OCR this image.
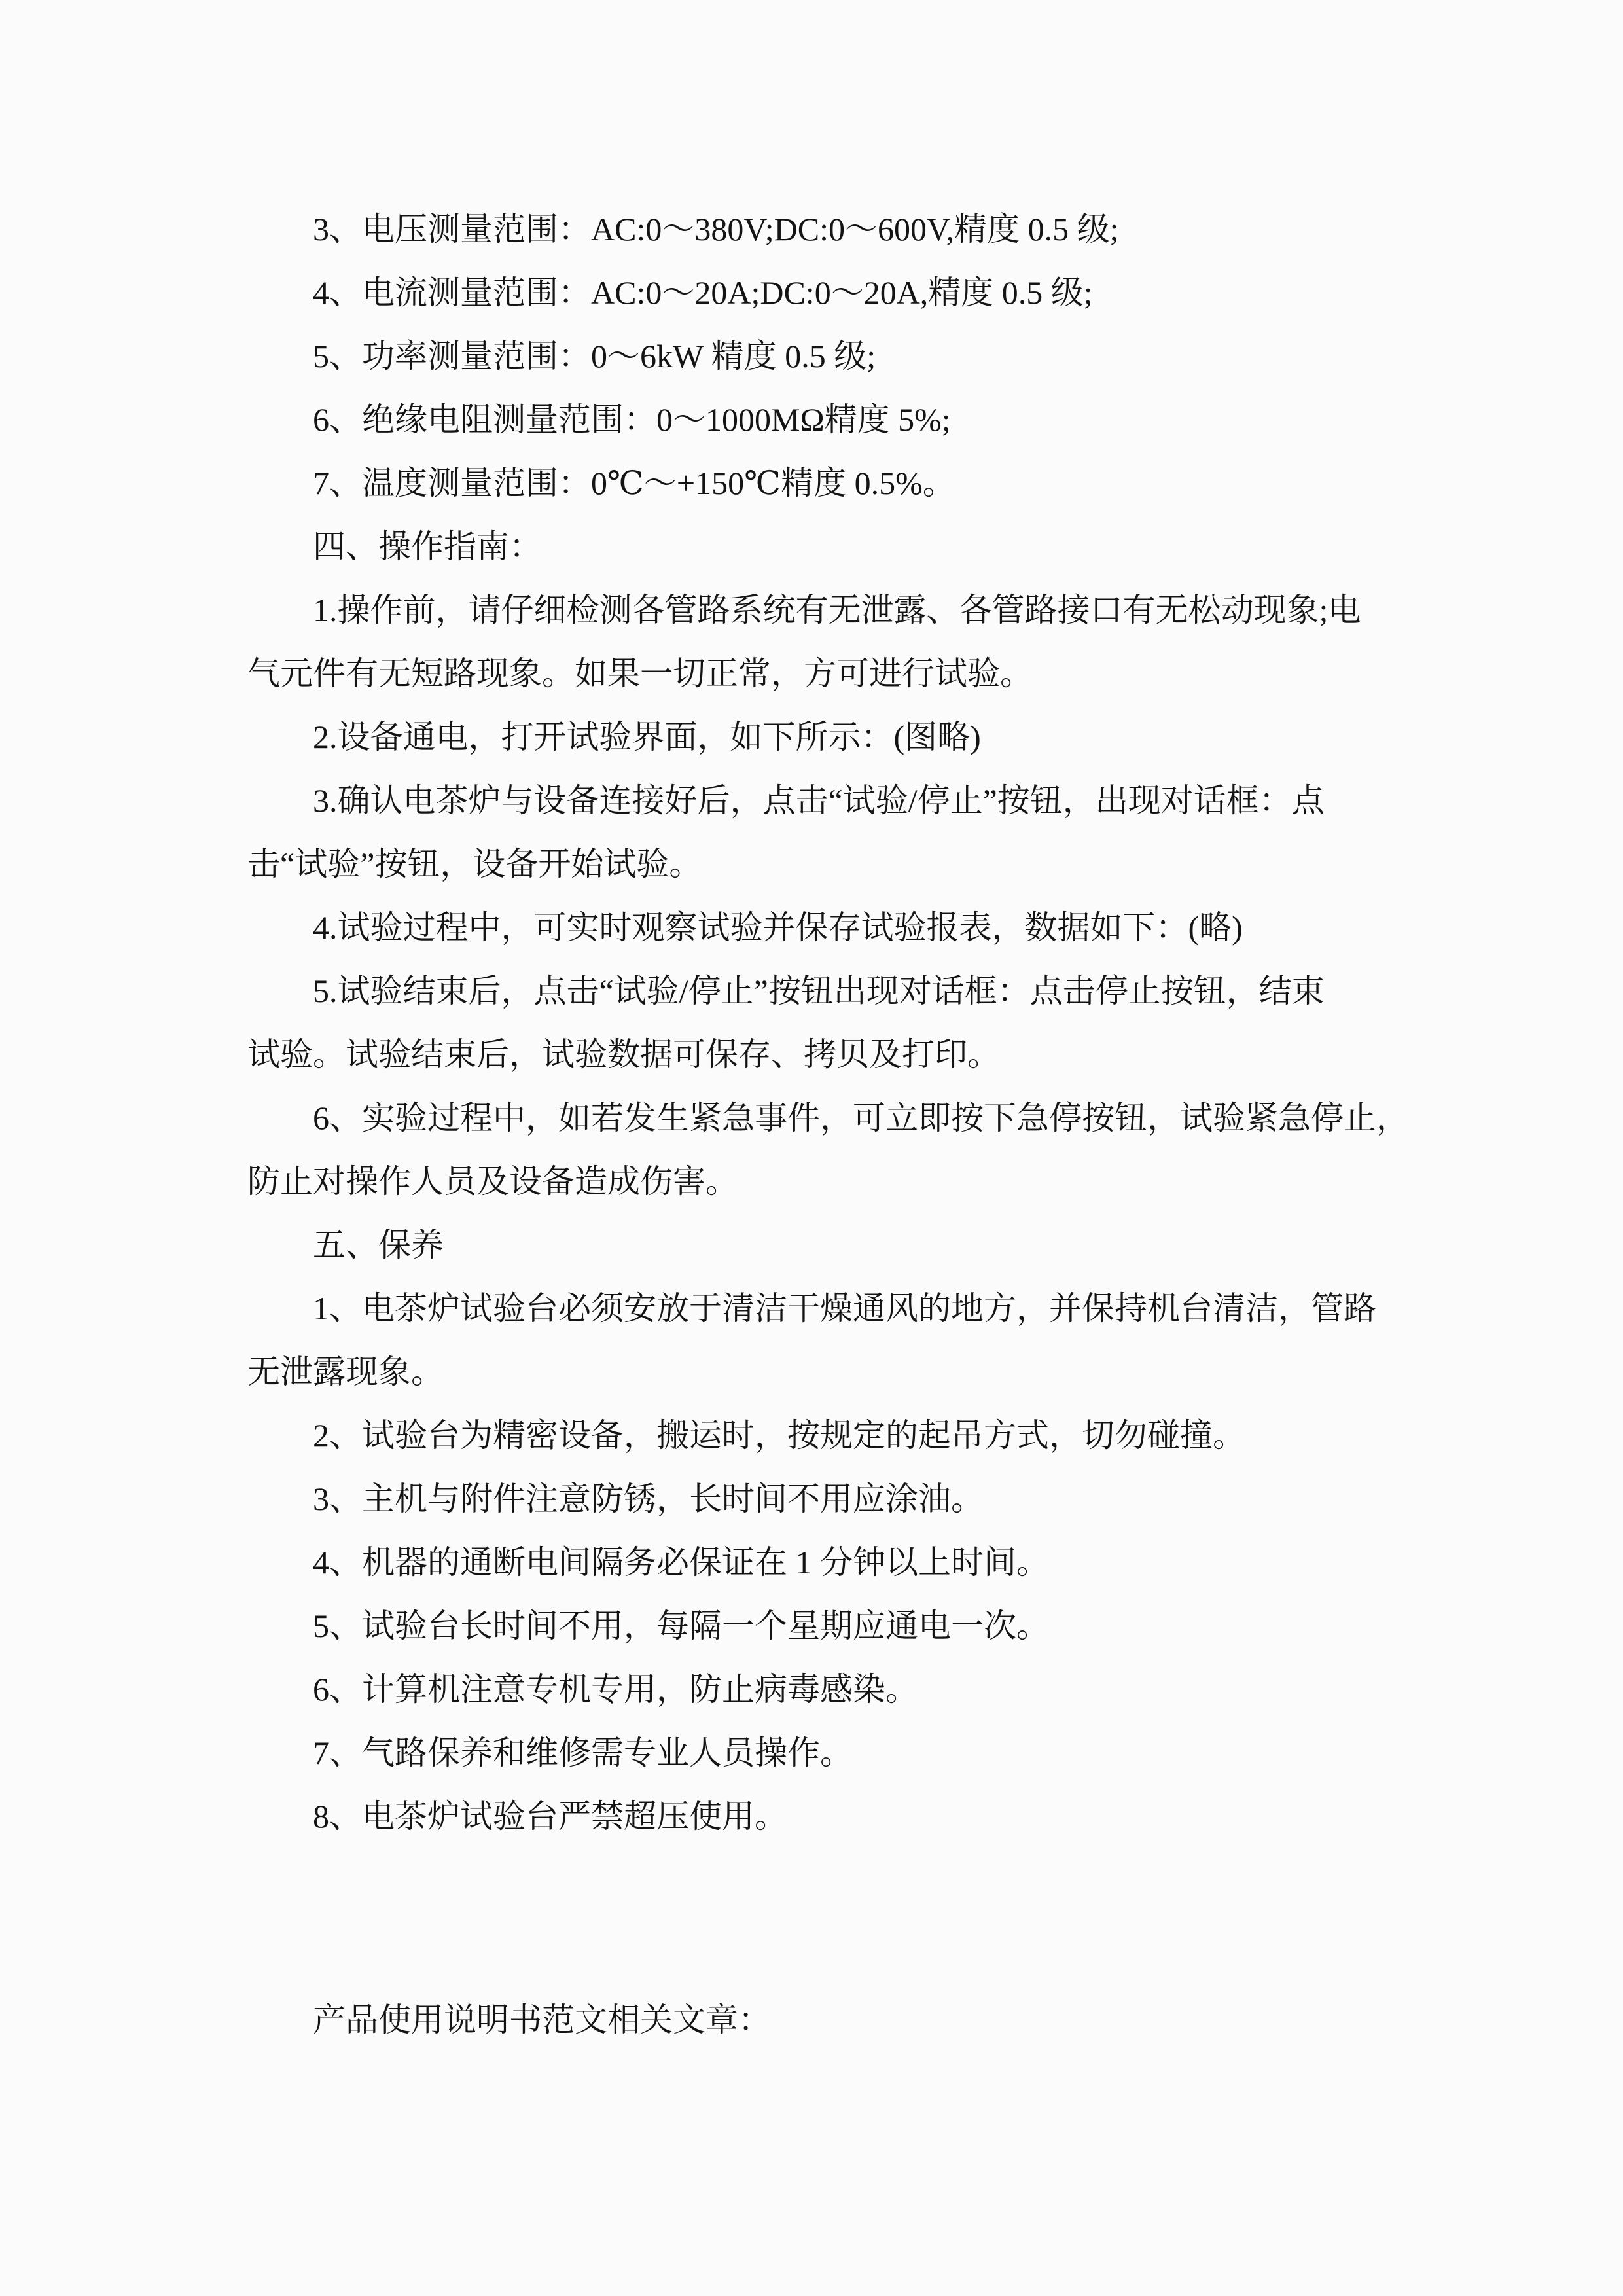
3、电压测量范围：AC:0～380V;DC:0～600V,精度 0.5 级;
4、电流测量范围：AC:0～20A;DC:0～20A,精度 0.5 级;
5、功率测量范围：0～6kW 精度 0.5 级;
6、绝缘电阻测量范围：0～1000MΩ精度 5%;
7、温度测量范围：0℃～+150℃精度 0.5%。
四、操作指南：
1.操作前，请仔细检测各管路系统有无泄露、各管路接口有无松动现象;电
气元件有无短路现象。如果一切正常，方可进行试验。
2.设备通电，打开试验界面，如下所示：(图略)
3.确认电茶炉与设备连接好后，点击“试验/停止”按钮，出现对话框：点
击“试验”按钮，设备开始试验。
4.试验过程中，可实时观察试验并保存试验报表，数据如下：(略)
5.试验结束后，点击“试验/停止”按钮出现对话框：点击停止按钮，结束
试验。试验结束后，试验数据可保存、拷贝及打印。
6、实验过程中，如若发生紧急事件，可立即按下急停按钮，试验紧急停止，
防止对操作人员及设备造成伤害。
五、保养
1、电茶炉试验台必须安放于清洁干燥通风的地方，并保持机台清洁，管路
无泄露现象。
2、试验台为精密设备，搬运时，按规定的起吊方式，切勿碰撞。
3、主机与附件注意防锈，长时间不用应涂油。
4、机器的通断电间隔务必保证在 1 分钟以上时间。
5、试验台长时间不用，每隔一个星期应通电一次。
6、计算机注意专机专用，防止病毒感染。
7、气路保养和维修需专业人员操作。
8、电茶炉试验台严禁超压使用。
产品使用说明书范文相关文章：
